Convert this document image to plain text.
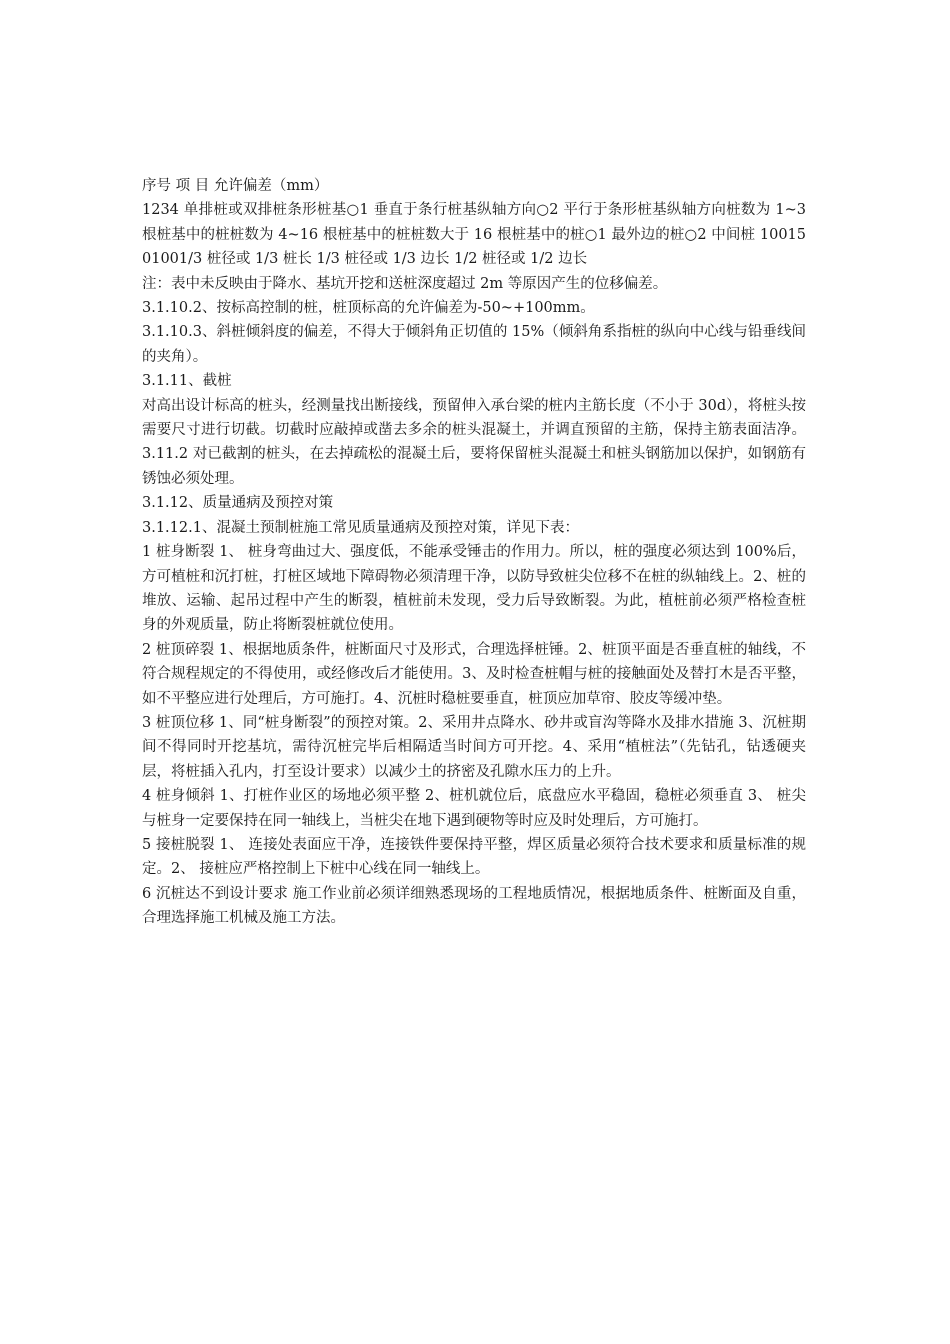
序号 项 目 允许偏差（mm）

1234 单排桩或双排桩条形桩基○1 垂直于条行桩基纵轴方向○2 平行于条形桩基纵轴方向桩数为 1~3 根桩基中的桩桩数为 4~16 根桩基中的桩桩数大于 16 根桩基中的桩○1 最外边的桩○2 中间桩 1001501001/3 桩径或 1/3 桩长 1/3 桩径或 1/3 边长 1/2 桩径或 1/2 边长

注：表中未反映由于降水、基坑开挖和送桩深度超过 2m 等原因产生的位移偏差。

3.1.10.2、按标高控制的桩，桩顶标高的允许偏差为-50~+100mm。

3.1.10.3、斜桩倾斜度的偏差，不得大于倾斜角正切值的 15%（倾斜角系指桩的纵向中心线与铅垂线间的夹角）。

3.1.11、截桩

对高出设计标高的桩头，经测量找出断接线，预留伸入承台梁的桩内主筋长度（不小于 30d），将桩头按需要尺寸进行切截。切截时应敲掉或凿去多余的桩头混凝土，并调直预留的主筋，保持主筋表面洁净。3.11.2 对已截割的桩头，在去掉疏松的混凝土后，要将保留桩头混凝土和桩头钢筋加以保护，如钢筋有锈蚀必须处理。

3.1.12、质量通病及预控对策

3.1.12.1、混凝土预制桩施工常见质量通病及预控对策，详见下表：

1 桩身断裂 1、 桩身弯曲过大、强度低，不能承受锤击的作用力。所以，桩的强度必须达到 100%后，方可植桩和沉打桩，打桩区域地下障碍物必须清理干净，以防导致桩尖位移不在桩的纵轴线上。2、桩的堆放、运输、起吊过程中产生的断裂，植桩前未发现，受力后导致断裂。为此，植桩前必须严格检查桩身的外观质量，防止将断裂桩就位使用。

2 桩顶碎裂 1、根据地质条件，桩断面尺寸及形式，合理选择桩锤。2、桩顶平面是否垂直桩的轴线，不符合规程规定的不得使用，或经修改后才能使用。3、及时检查桩帽与桩的接触面处及替打木是否平整，如不平整应进行处理后，方可施打。4、沉桩时稳桩要垂直，桩顶应加草帘、胶皮等缓冲垫。

3 桩顶位移 1、同“桩身断裂”的预控对策。2、采用井点降水、砂井或盲沟等降水及排水措施 3、沉桩期间不得同时开挖基坑，需待沉桩完毕后相隔适当时间方可开挖。4、采用“植桩法”（先钻孔，钻透硬夹层，将桩插入孔内，打至设计要求）以减少土的挤密及孔隙水压力的上升。

4 桩身倾斜 1、打桩作业区的场地必须平整 2、桩机就位后，底盘应水平稳固，稳桩必须垂直 3、 桩尖与桩身一定要保持在同一轴线上，当桩尖在地下遇到硬物等时应及时处理后，方可施打。

5 接桩脱裂 1、 连接处表面应干净，连接铁件要保持平整，焊区质量必须符合技术要求和质量标准的规定。2、 接桩应严格控制上下桩中心线在同一轴线上。

6 沉桩达不到设计要求 施工作业前必须详细熟悉现场的工程地质情况，根据地质条件、桩断面及自重，合理选择施工机械及施工方法。
